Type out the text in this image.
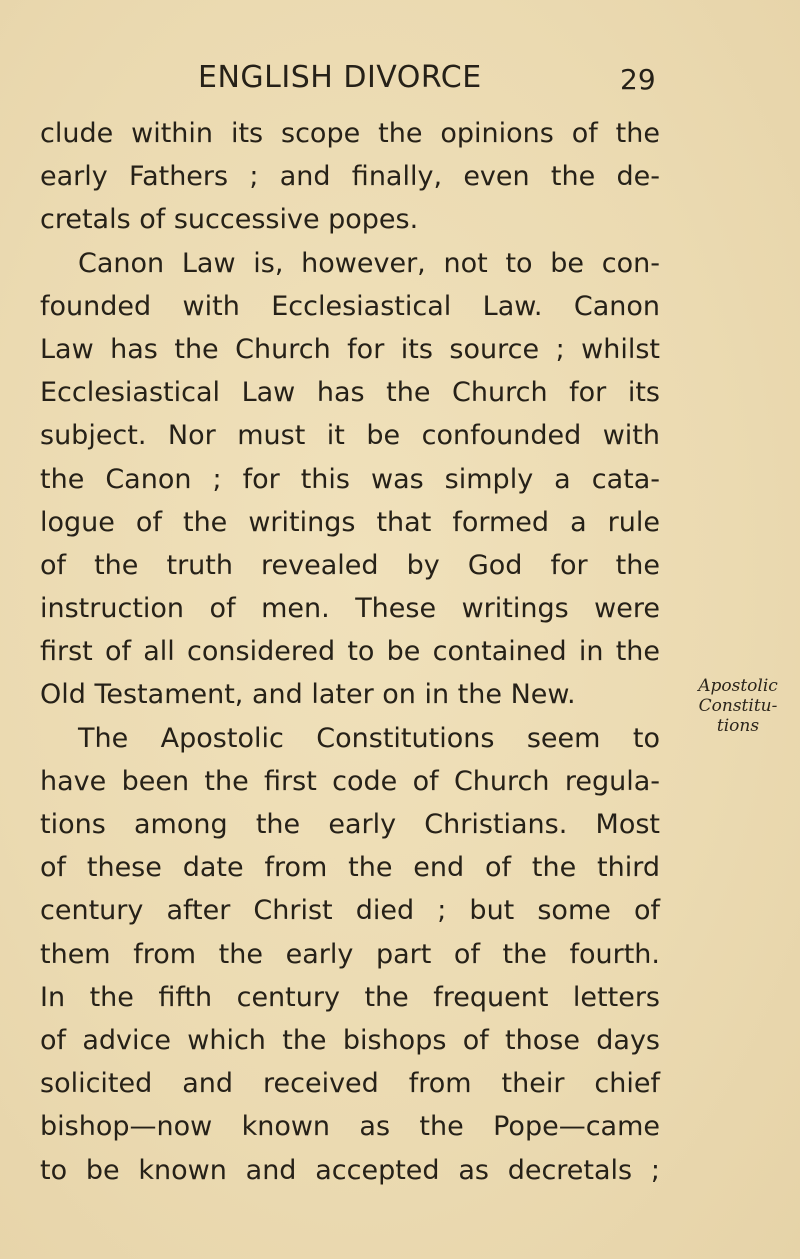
ENGLISH DIVORCE	29
clude within its scope the opinions of the
early Fathers ; and finally, even the de-
cretals of successive popes.
Canon Law is, however, not to be con-
founded with Ecclesiastical Law. Canon
Law has the Church for its source ; whilst
Ecclesiastical Law has the Church for its
subject. Nor must it be confounded with
the Canon ; for this was simply a cata-
logue of the writings that formed a rule
of the truth revealed by God for the
instruction of men. These writings were
first of all considered to be contained in the
Old Testament, and later on in the New.
The Apostolic Constitutions seem to
have been the first code of Church regula-
tions among the early Christians. Most
of these date from the end of the third
century after Christ died ; but some of
them from the early part of the fourth.
In the fifth century the frequent letters
of advice which the bishops of those days
solicited and received from their chief
bishop—now known as the Pope—came
to be known and accepted as decretals ;
Apostolic
Constitu-
tions
